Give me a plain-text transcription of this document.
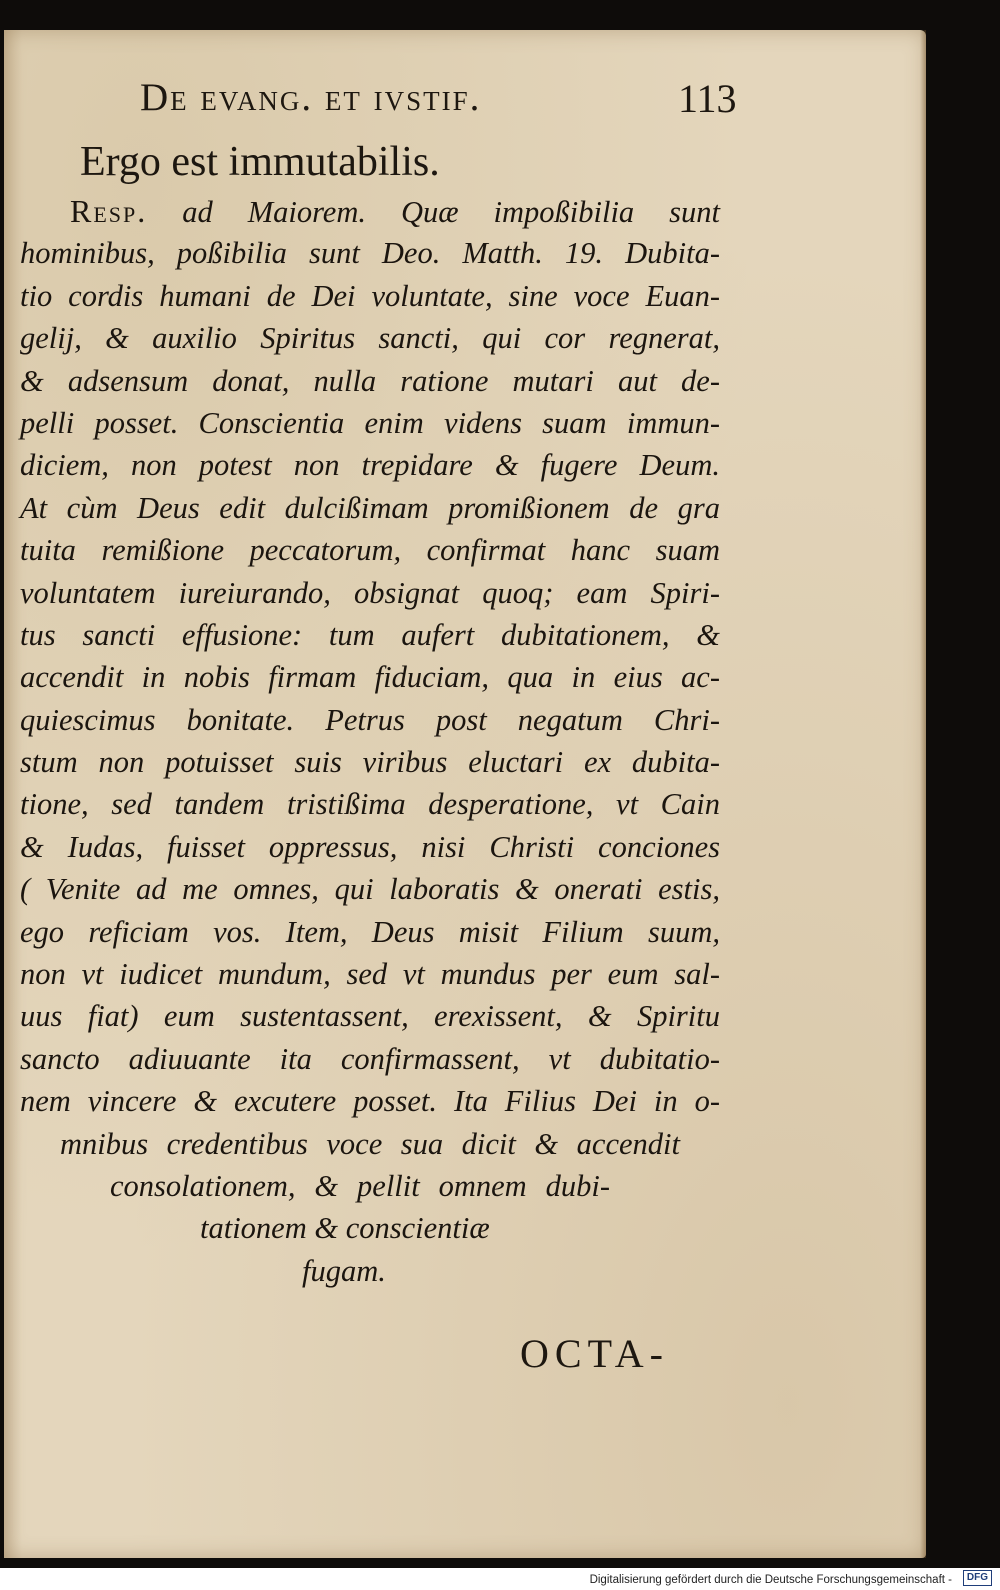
De evang. et ivstif.	113
Ergo est immutabilis.
Resp. ad Maiorem. Quæ impoßibilia sunt
hominibus, poßibilia sunt Deo. Matth. 19. Dubita-
tio cordis humani de Dei voluntate, sine voce Euan-
gelij, & auxilio Spiritus sancti, qui cor regnerat,
& adsensum donat, nulla ratione mutari aut de-
pelli posset. Conscientia enim videns suam immun-
diciem, non potest non trepidare & fugere Deum.
At cùm Deus edit dulcißimam promißionem de gra
tuita remißione peccatorum, confirmat hanc suam
voluntatem iureiurando, obsignat quoq; eam Spiri-
tus sancti effusione: tum aufert dubitationem, &
accendit in nobis firmam fiduciam, qua in eius ac-
quiescimus bonitate. Petrus post negatum Chri-
stum non potuisset suis viribus eluctari ex dubita-
tione, sed tandem tristißima desperatione, vt Cain
& Iudas, fuisset oppressus, nisi Christi conciones
( Venite ad me omnes, qui laboratis & onerati estis,
ego reficiam vos. Item, Deus misit Filium suum,
non vt iudicet mundum, sed vt mundus per eum sal-
uus fiat) eum sustentassent, erexissent, & Spiritu
sancto adiuuante ita confirmassent, vt dubitatio-
nem vincere & excutere posset. Ita Filius Dei in o-
mnibus credentibus voce sua dicit & accendit
consolationem, & pellit omnem dubi-
tationem & conscientiæ
fugam.
OCTA-
Digitalisierung gefördert durch die Deutsche Forschungsgemeinschaft -	DFG
